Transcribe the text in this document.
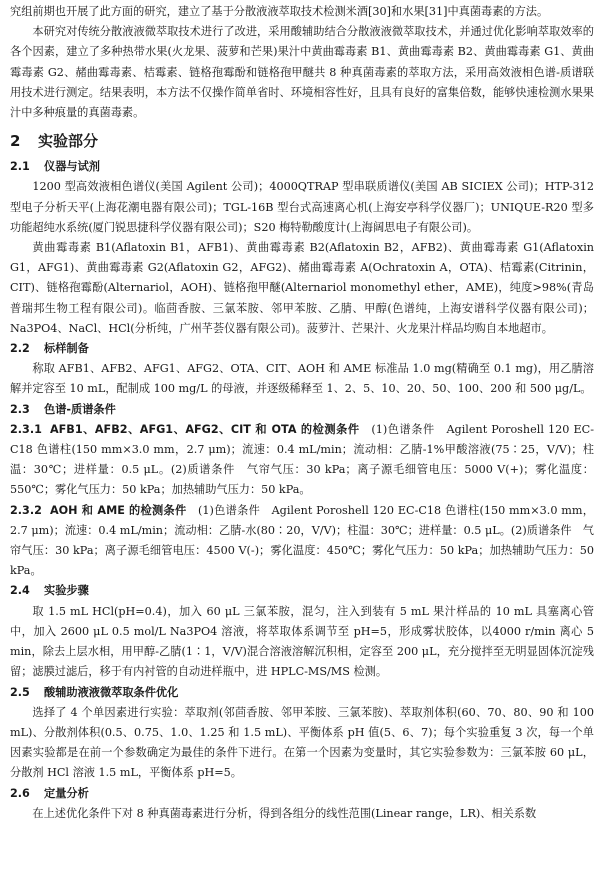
究组前期也开展了此方面的研究，建立了基于分散液液萃取技术检测米酒[30]和水果[31]中真菌毒素的方法。

本研究对传统分散液液微萃取技术进行了改进，采用酸辅助结合分散液液微萃取技术，并通过优化影响萃取效率的各个因素，建立了多种热带水果(火龙果、菠萝和芒果)果汁中黄曲霉毒素 B1、黄曲霉毒素 B2、黄曲霉毒素 G1、黄曲霉毒素 G2、赭曲霉毒素、桔霉素、链格孢霉酚和链格孢甲醚共 8 种真菌毒素的萃取方法，采用高效液相色谱-质谱联用技术进行测定。结果表明，本方法不仅操作简单省时、环境相容性好，且具有良好的富集倍数，能够快速检测水果果汁中多种痕量的真菌毒素。

2 实验部分
2.1 仪器与试剂

1200 型高效液相色谱仪(美国 Agilent 公司)；4000QTRAP 型串联质谱仪(美国 AB SICIEX 公司)；HTP-312 型电子分析天平(上海花潮电器有限公司)；TGL-16B 型台式高速离心机(上海安亭科学仪器厂)；UNIQUE-R20 型多功能超纯水系统(厦门锐思捷科学仪器有限公司)；S20 梅特勒酸度计(上海阔思电子有限公司)。

黄曲霉毒素 B1(Aflatoxin B1，AFB1)、黄曲霉毒素 B2(Aflatoxin B2，AFB2)、黄曲霉毒素 G1(Aflatoxin G1，AFG1)、黄曲霉毒素 G2(Aflatoxin G2，AFG2)、赭曲霉毒素 A(Ochratoxin A，OTA)、桔霉素(Citrinin，CIT)、链格孢霉酚(Alternariol，AOH)、链格孢甲醚(Alternariol monomethyl ether，AME)，纯度>98%(青岛普瑞邦生物工程有限公司)。临茴香胺、三氯苯胺、邻甲苯胺、乙腈、甲醇(色谱纯，上海安谱科学仪器有限公司)；Na3PO4、NaCl、HCl(分析纯，广州芊荟仪器有限公司)。菠萝汁、芒果汁、火龙果汁样品均购自本地超市。

2.2 标样制备

称取 AFB1、AFB2、AFG1、AFG2、OTA、CIT、AOH 和 AME 标准品 1.0 mg(精确至 0.1 mg)，用乙腈溶解并定容至 10 mL，配制成 100 mg/L 的母液，并逐级稀释至 1、2、5、10、20、50、100、200 和 500 μg/L。

2.3 色谱-质谱条件

2.3.1 AFB1、AFB2、AFG1、AFG2、CIT 和 OTA 的检测条件　 (1)色谱条件　Agilent Poroshell 120 EC-C18 色谱柱(150 mm×3.0 mm，2.7 μm)；流速：0.4 mL/min；流动相：乙腈-1%甲酸溶液(75∶25，V/V)；柱温：30℃；进样量：0.5 μL。(2)质谱条件　气帘气压：30 kPa；离子源毛细管电压：5000 V(+)；雾化温度：550℃；雾化气压力：50 kPa；加热辅助气压力：50 kPa。

2.3.2 AOH 和 AME 的检测条件　 (1)色谱条件　Agilent Poroshell 120 EC-C18 色谱柱(150 mm×3.0 mm，2.7 μm)；流速：0.4 mL/min；流动相：乙腈-水(80∶20，V/V)；柱温：30℃；进样量：0.5 μL。(2)质谱条件　气帘气压：30 kPa；离子源毛细管电压：4500 V(-)；雾化温度：450℃；雾化气压力：50 kPa；加热辅助气压力：50 kPa。

2.4 实验步骤

取 1.5 mL HCl(pH=0.4)，加入 60 μL 三氯苯胺，混匀，注入到装有 5 mL 果汁样品的 10 mL 具塞离心管中，加入 2600 μL 0.5 mol/L Na3PO4 溶液，将萃取体系调节至 pH=5，形成雾状胶体，以4000 r/min 离心 5 min，除去上层水相，用甲醇-乙腈(1∶1，V/V)混合溶液溶解沉积相，定容至 200 μL，充分搅拌至无明显固体沉淀残留；滤膜过滤后，移于有内衬管的自动进样瓶中，进 HPLC-MS/MS 检测。

2.5 酸辅助液液微萃取条件优化

选择了 4 个单因素进行实验：萃取剂(邻茴香胺、邻甲苯胺、三氯苯胺)、萃取剂体积(60、70、80、90 和 100 mL)、分散剂体积(0.5、0.75、1.0、1.25 和 1.5 mL)、平衡体系 pH 值(5、6、7)；每个实验重复 3 次，每一个单因素实验都是在前一个参数确定为最佳的条件下进行。在第一个因素为变量时，其它实验参数为：三氯苯胺 60 μL，分散剂 HCl 溶液 1.5 mL，平衡体系 pH=5。

2.6 定量分析

在上述优化条件下对 8 种真菌毒素进行分析，得到各组分的线性范围(Linear range，LR)、相关系数
